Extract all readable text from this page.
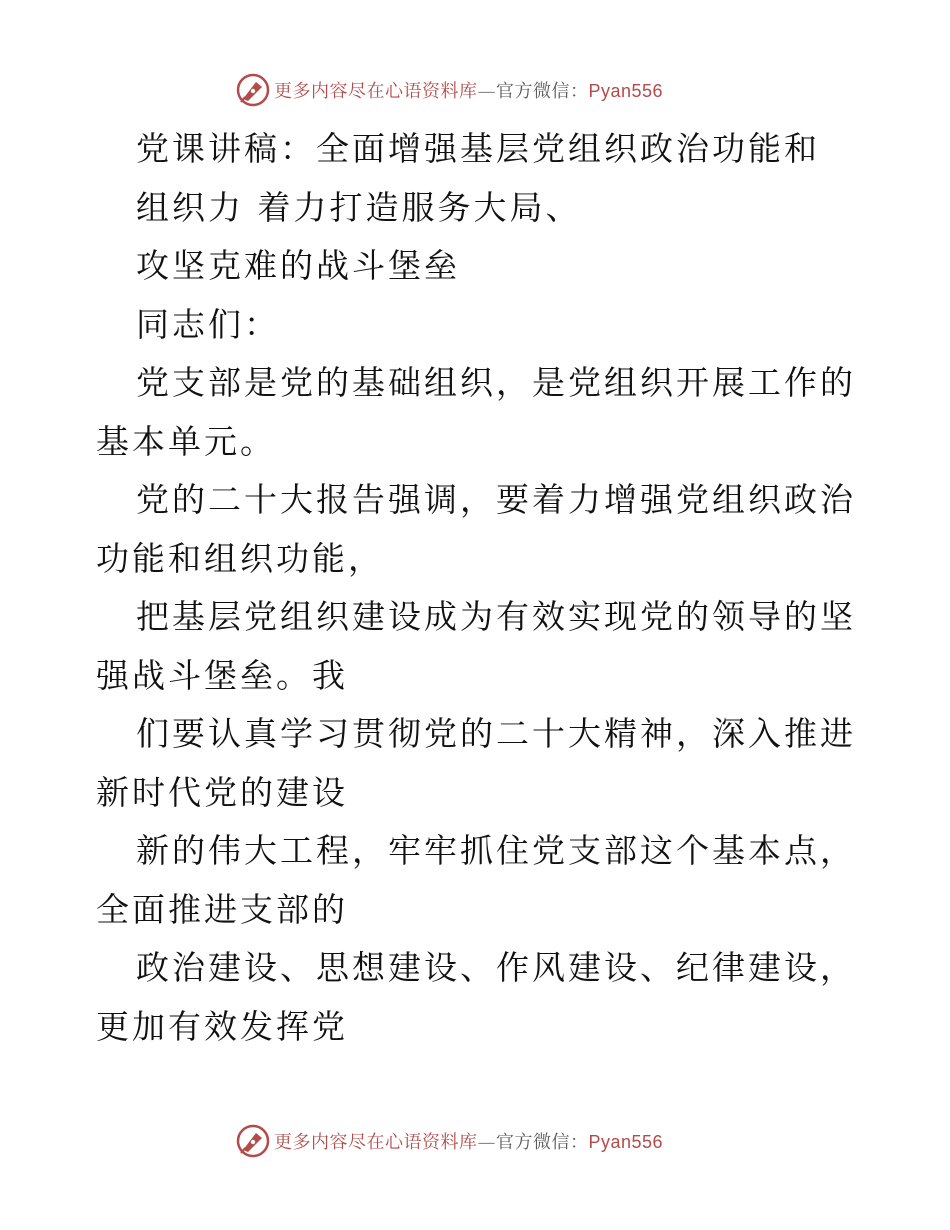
更多内容尽在心语资料库—官方微信：Pyan556

党课讲稿：全面增强基层党组织政治功能和

组织力 着力打造服务大局、

攻坚克难的战斗堡垒

同志们：

党支部是党的基础组织，是党组织开展工作的基本单元。

党的二十大报告强调，要着力增强党组织政治功能和组织功能，

把基层党组织建设成为有效实现党的领导的坚强战斗堡垒。我

们要认真学习贯彻党的二十大精神，深入推进新时代党的建设

新的伟大工程，牢牢抓住党支部这个基本点，全面推进支部的

政治建设、思想建设、作风建设、纪律建设，更加有效发挥党

更多内容尽在心语资料库—官方微信：Pyan556
